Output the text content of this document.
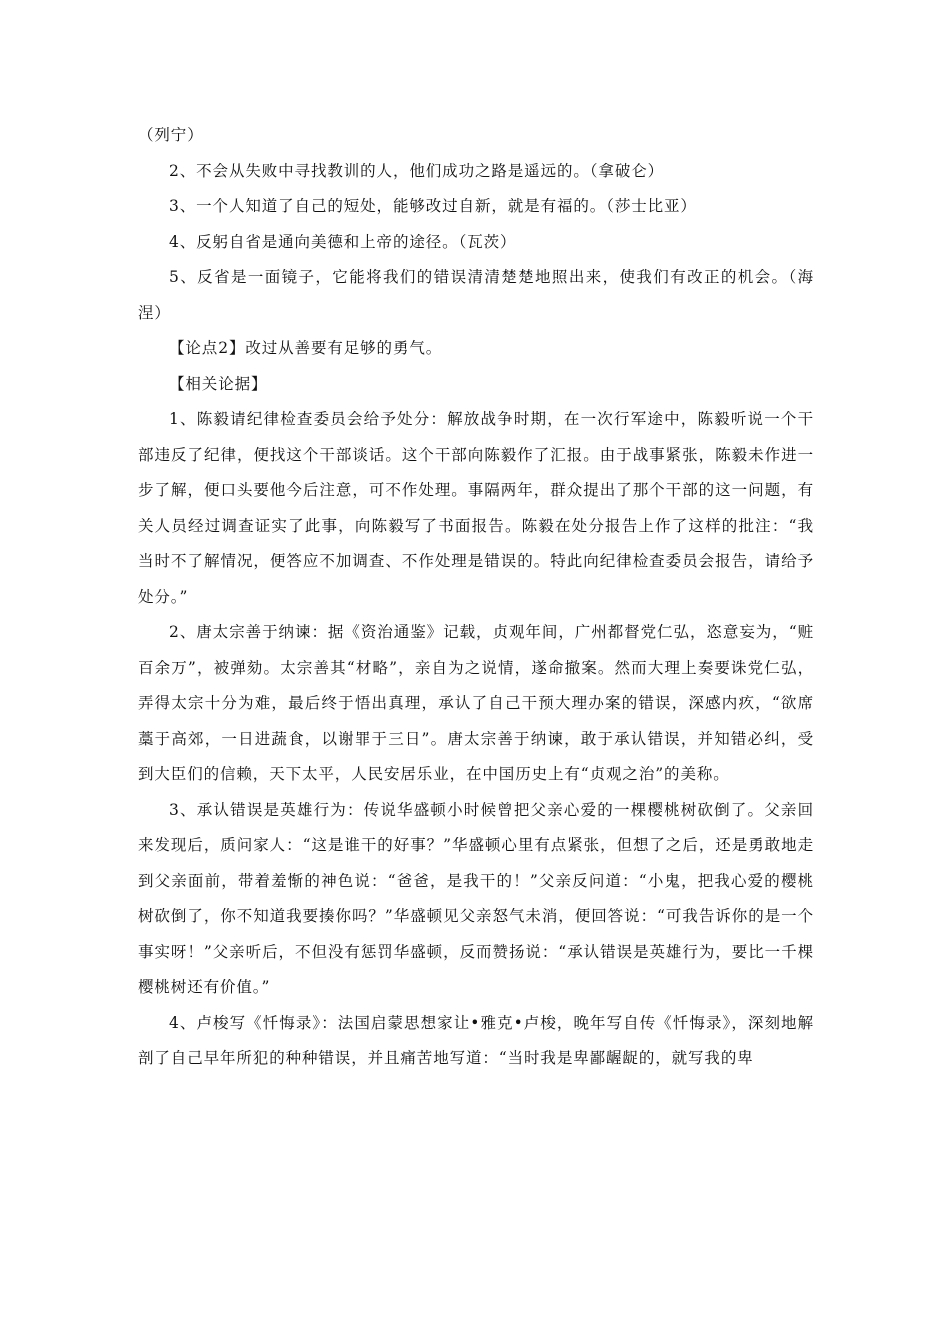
（列宁）

2、不会从失败中寻找教训的人，他们成功之路是遥远的。（拿破仑）

3、一个人知道了自己的短处，能够改过自新，就是有福的。（莎士比亚）

4、反躬自省是通向美德和上帝的途径。（瓦茨）

5、反省是一面镜子，它能将我们的错误清清楚楚地照出来，使我们有改正的机会。（海涅）

【论点2】改过从善要有足够的勇气。

【相关论据】

1、陈毅请纪律检查委员会给予处分：解放战争时期，在一次行军途中，陈毅听说一个干部违反了纪律，便找这个干部谈话。这个干部向陈毅作了汇报。由于战事紧张，陈毅未作进一步了解，便口头要他今后注意，可不作处理。事隔两年，群众提出了那个干部的这一问题，有关人员经过调查证实了此事，向陈毅写了书面报告。陈毅在处分报告上作了这样的批注：“我当时不了解情况，便答应不加调查、不作处理是错误的。特此向纪律检查委员会报告，请给予处分。”

2、唐太宗善于纳谏：据《资治通鉴》记载，贞观年间，广州都督党仁弘，恣意妄为，“赃百余万”，被弹劾。太宗善其“材略”，亲自为之说情，遂命撤案。然而大理上奏要诛党仁弘，弄得太宗十分为难，最后终于悟出真理，承认了自己干预大理办案的错误，深感内疚，“欲席藁于高郊，一日进蔬食，以谢罪于三日”。唐太宗善于纳谏，敢于承认错误，并知错必纠，受到大臣们的信赖，天下太平，人民安居乐业，在中国历史上有“贞观之治”的美称。

3、承认错误是英雄行为：传说华盛顿小时候曾把父亲心爱的一棵樱桃树砍倒了。父亲回来发现后，质问家人：“这是谁干的好事？”华盛顿心里有点紧张，但想了之后，还是勇敢地走到父亲面前，带着羞惭的神色说：“爸爸，是我干的！”父亲反问道：“小鬼，把我心爱的樱桃树砍倒了，你不知道我要揍你吗？”华盛顿见父亲怒气未消，便回答说：“可我告诉你的是一个事实呀！”父亲听后，不但没有惩罚华盛顿，反而赞扬说：“承认错误是英雄行为，要比一千棵樱桃树还有价值。”

4、卢梭写《忏悔录》：法国启蒙思想家让•雅克•卢梭，晚年写自传《忏悔录》，深刻地解剖了自己早年所犯的种种错误，并且痛苦地写道：“当时我是卑鄙龌龊的，就写我的卑
